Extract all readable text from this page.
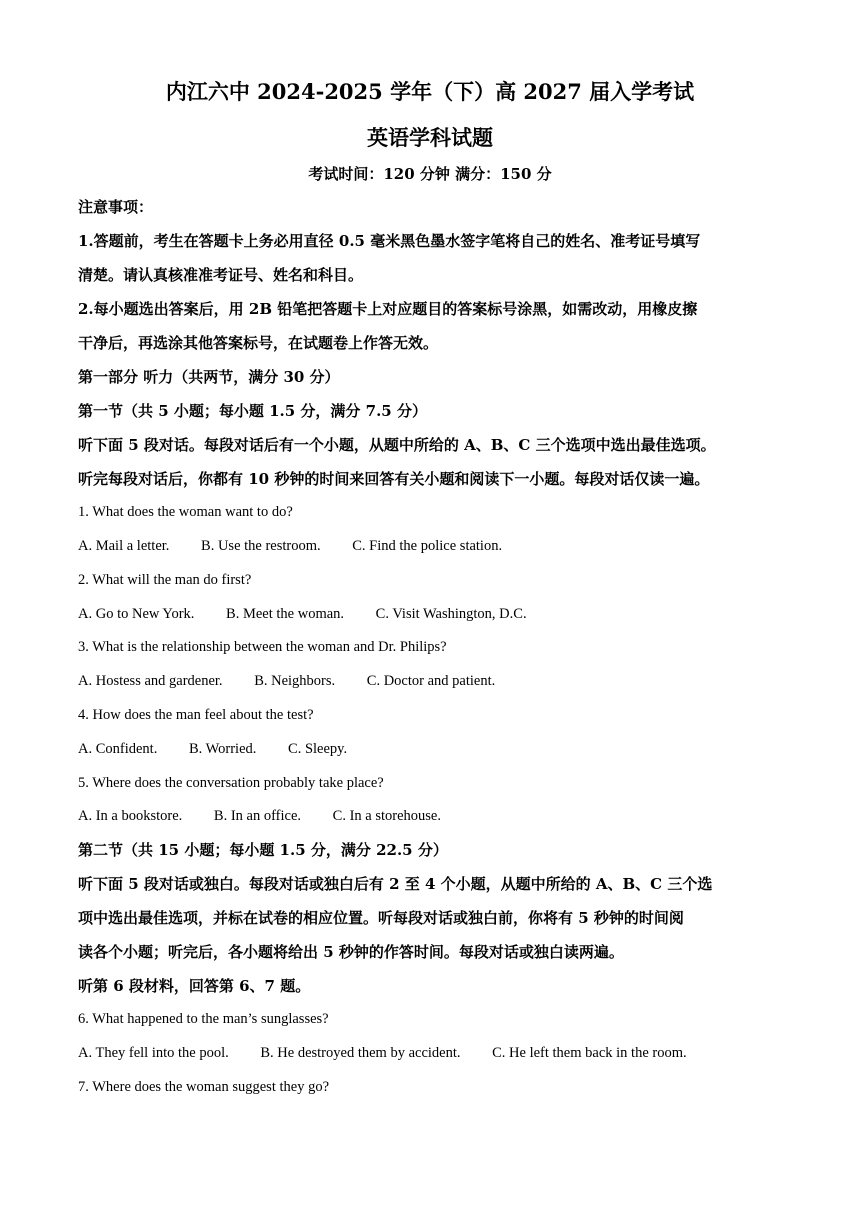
内江六中 2024-2025 学年（下）高 2027 届入学考试
英语学科试题
考试时间：120 分钟 满分：150 分
注意事项：
1.答题前，考生在答题卡上务必用直径 0.5 毫米黑色墨水签字笔将自己的姓名、准考证号填写
清楚。请认真核准准考证号、姓名和科目。
2.每小题选出答案后，用 2B 铅笔把答题卡上对应题目的答案标号涂黑，如需改动，用橡皮擦
干净后，再选涂其他答案标号，在试题卷上作答无效。
第一部分 听力（共两节，满分 30 分）
第一节（共 5 小题；每小题 1.5 分，满分 7.5 分）
听下面 5 段对话。每段对话后有一个小题，从题中所给的 A、B、C 三个选项中选出最佳选项。
听完每段对话后，你都有 10 秒钟的时间来回答有关小题和阅读下一小题。每段对话仅读一遍。
1. What does the woman want to do?
A. Mail a letter. B. Use the restroom. C. Find the police station.
2. What will the man do first?
A. Go to New York. B. Meet the woman. C. Visit Washington, D.C.
3. What is the relationship between the woman and Dr. Philips?
A. Hostess and gardener. B. Neighbors. C. Doctor and patient.
4. How does the man feel about the test?
A. Confident. B. Worried. C. Sleepy.
5. Where does the conversation probably take place?
A. In a bookstore. B. In an office. C. In a storehouse.
第二节（共 15 小题；每小题 1.5 分，满分 22.5 分）
听下面 5 段对话或独白。每段对话或独白后有 2 至 4 个小题，从题中所给的 A、B、C 三个选
项中选出最佳选项，并标在试卷的相应位置。听每段对话或独白前，你将有 5 秒钟的时间阅
读各个小题；听完后，各小题将给出 5 秒钟的作答时间。每段对话或独白读两遍。
听第 6 段材料，回答第 6、7 题。
6. What happened to the man’s sunglasses?
A. They fell into the pool. B. He destroyed them by accident. C. He left them back in the room.
7. Where does the woman suggest they go?
